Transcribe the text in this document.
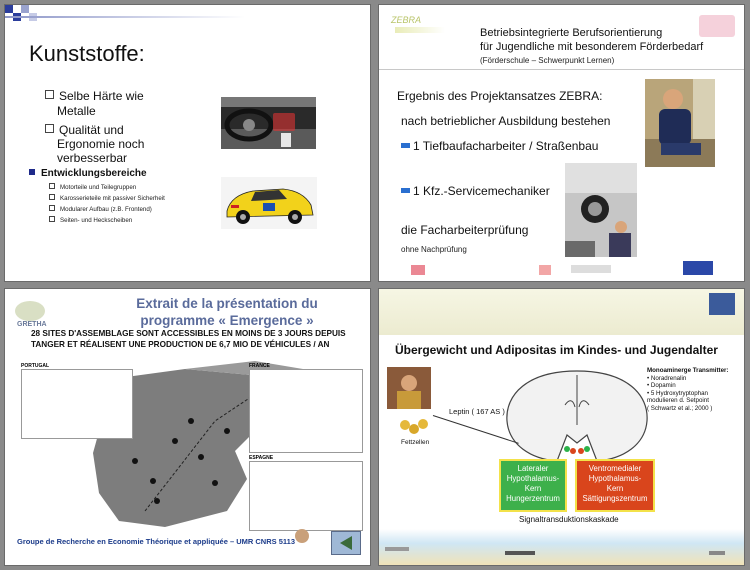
Kunststoffe:
Selbe Härte wie
Metalle
Qualität und
Ergonomie noch
verbesserbar
Entwicklungsbereiche
Motorteile und Teilegruppen
Karosserieteile mit passiver Sicherheit
Modularer Aufbau (z.B. Frontend)
Seiten- und Heckscheiben
ZEBRA
Betriebsintegrierte Berufsorientierung
für Jugendliche mit besonderem Förderbedarf
(Förderschule – Schwerpunkt Lernen)
Ergebnis des Projektansatzes ZEBRA:
nach betrieblicher Ausbildung bestehen
1 Tiefbaufacharbeiter / Straßenbau
1 Kfz.-Servicemechaniker
die Facharbeiterprüfung
ohne Nachprüfung
GRETHA
Extrait de la présentation du
programme « Emergence »
28 SITES D'ASSEMBLAGE SONT ACCESSIBLES EN MOINS DE 3 JOURS DEPUIS TANGER ET RÉALISENT UNE PRODUCTION DE 6,7 MIO DE VÉHICULES / AN
PORTUGAL	FRANCE
ESPAGNE
Groupe de Recherche en Economie Théorique et appliquée – UMR CNRS 5113
Übergewicht und Adipositas im Kindes- und Jugendalter
Monoaminerge Transmitter:
• Noradrenalin
• Dopamin
• 5 Hydroxytryptophan
modulieren d. Setpoint
( Schwartz et al.; 2000 )
Leptin ( 167 AS )
Fettzellen
Lateraler
Hypothalamus-
Kern
Hungerzentrum
Ventromedialer
Hypothalamus-
Kern
Sättigungszentrum
Signaltransduktionskaskade
